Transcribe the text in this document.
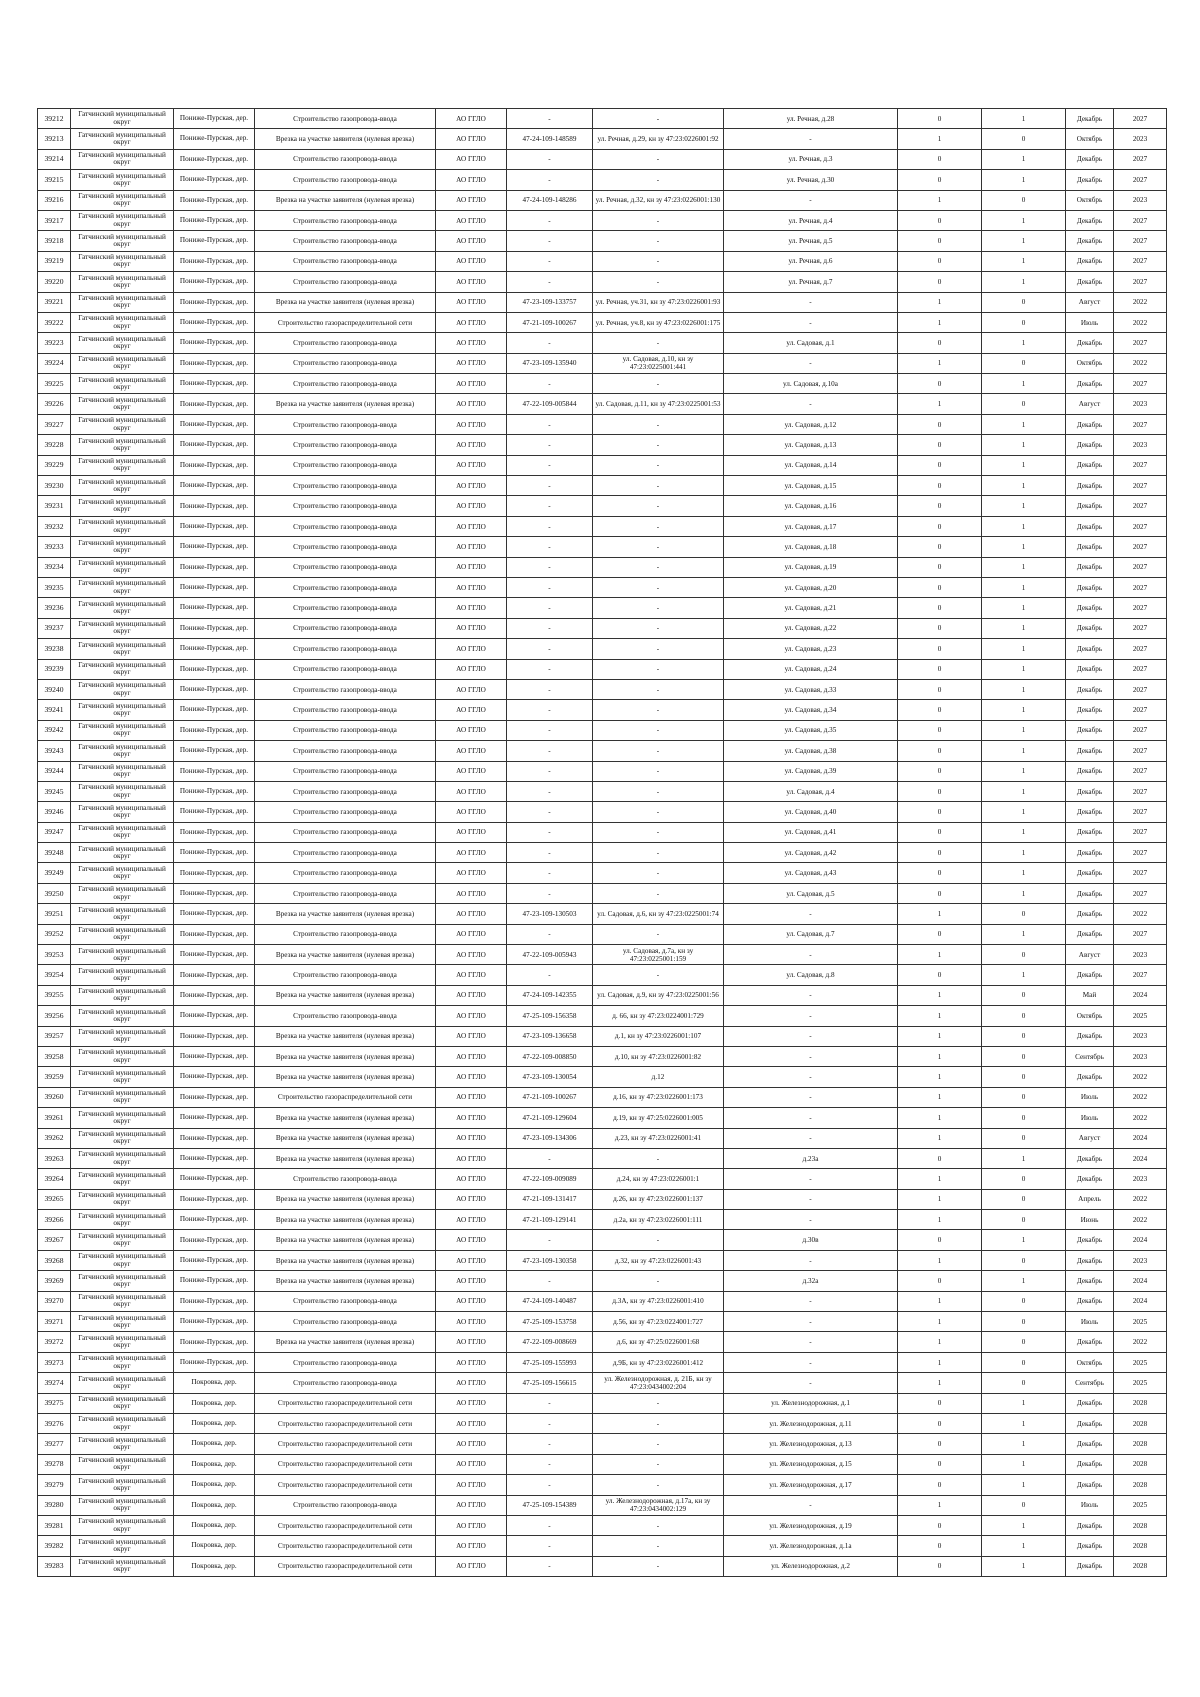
39212	Гатчинский муниципальный округ	Пониже-Пурская, дер.	Строительство газопровода-ввода	АО ГГЛО	-	-	ул. Речная, д.28	0	1	Декабрь	2027
39213	Гатчинский муниципальный округ	Пониже-Пурская, дер.	Врезка на участке заявителя (нулевая врезка)	АО ГГЛО	47-24-109-148589	ул. Речная, д.29, кн зу 47:23:0226001:92	-	1	0	Октябрь	2023
39214	Гатчинский муниципальный округ	Пониже-Пурская, дер.	Строительство газопровода-ввода	АО ГГЛО	-	-	ул. Речная, д.3	0	1	Декабрь	2027
39215	Гатчинский муниципальный округ	Пониже-Пурская, дер.	Строительство газопровода-ввода	АО ГГЛО	-	-	ул. Речная, д.30	0	1	Декабрь	2027
39216	Гатчинский муниципальный округ	Пониже-Пурская, дер.	Врезка на участке заявителя (нулевая врезка)	АО ГГЛО	47-24-109-148286	ул. Речная, д.32, кн зу 47:23:0226001:130	-	1	0	Октябрь	2023
39217	Гатчинский муниципальный округ	Пониже-Пурская, дер.	Строительство газопровода-ввода	АО ГГЛО	-	-	ул. Речная, д.4	0	1	Декабрь	2027
39218	Гатчинский муниципальный округ	Пониже-Пурская, дер.	Строительство газопровода-ввода	АО ГГЛО	-	-	ул. Речная, д.5	0	1	Декабрь	2027
39219	Гатчинский муниципальный округ	Пониже-Пурская, дер.	Строительство газопровода-ввода	АО ГГЛО	-	-	ул. Речная, д.6	0	1	Декабрь	2027
39220	Гатчинский муниципальный округ	Пониже-Пурская, дер.	Строительство газопровода-ввода	АО ГГЛО	-	-	ул. Речная, д.7	0	1	Декабрь	2027
39221	Гатчинский муниципальный округ	Пониже-Пурская, дер.	Врезка на участке заявителя (нулевая врезка)	АО ГГЛО	47-23-109-133757	ул. Речная, уч.31, кн зу 47:23:0226001:93	-	1	0	Август	2022
39222	Гатчинский муниципальный округ	Пониже-Пурская, дер.	Строительство газораспределительной сети	АО ГГЛО	47-21-109-100267	ул. Речная, уч.8, кн зу 47:23:0226001:175	-	1	0	Июль	2022
39223	Гатчинский муниципальный округ	Пониже-Пурская, дер.	Строительство газопровода-ввода	АО ГГЛО	-	-	ул. Садовая, д.1	0	1	Декабрь	2027
39224	Гатчинский муниципальный округ	Пониже-Пурская, дер.	Строительство газопровода-ввода	АО ГГЛО	47-23-109-135940	ул. Садовая, д.10, кн зу 47:23:0225001:441	-	1	0	Октябрь	2022
39225	Гатчинский муниципальный округ	Пониже-Пурская, дер.	Строительство газопровода-ввода	АО ГГЛО	-	-	ул. Садовая, д.10а	0	1	Декабрь	2027
39226	Гатчинский муниципальный округ	Пониже-Пурская, дер.	Врезка на участке заявителя (нулевая врезка)	АО ГГЛО	47-22-109-005844	ул. Садовая, д.11, кн зу 47:23:0225001:53	-	1	0	Август	2023
39227	Гатчинский муниципальный округ	Пониже-Пурская, дер.	Строительство газопровода-ввода	АО ГГЛО	-	-	ул. Садовая, д.12	0	1	Декабрь	2027
39228	Гатчинский муниципальный округ	Пониже-Пурская, дер.	Строительство газопровода-ввода	АО ГГЛО	-	-	ул. Садовая, д.13	0	1	Декабрь	2023
39229	Гатчинский муниципальный округ	Пониже-Пурская, дер.	Строительство газопровода-ввода	АО ГГЛО	-	-	ул. Садовая, д.14	0	1	Декабрь	2027
39230	Гатчинский муниципальный округ	Пониже-Пурская, дер.	Строительство газопровода-ввода	АО ГГЛО	-	-	ул. Садовая, д.15	0	1	Декабрь	2027
39231	Гатчинский муниципальный округ	Пониже-Пурская, дер.	Строительство газопровода-ввода	АО ГГЛО	-	-	ул. Садовая, д.16	0	1	Декабрь	2027
39232	Гатчинский муниципальный округ	Пониже-Пурская, дер.	Строительство газопровода-ввода	АО ГГЛО	-	-	ул. Садовая, д.17	0	1	Декабрь	2027
39233	Гатчинский муниципальный округ	Пониже-Пурская, дер.	Строительство газопровода-ввода	АО ГГЛО	-	-	ул. Садовая, д.18	0	1	Декабрь	2027
39234	Гатчинский муниципальный округ	Пониже-Пурская, дер.	Строительство газопровода-ввода	АО ГГЛО	-	-	ул. Садовая, д.19	0	1	Декабрь	2027
39235	Гатчинский муниципальный округ	Пониже-Пурская, дер.	Строительство газопровода-ввода	АО ГГЛО	-	-	ул. Садовая, д.20	0	1	Декабрь	2027
39236	Гатчинский муниципальный округ	Пониже-Пурская, дер.	Строительство газопровода-ввода	АО ГГЛО	-	-	ул. Садовая, д.21	0	1	Декабрь	2027
39237	Гатчинский муниципальный округ	Пониже-Пурская, дер.	Строительство газопровода-ввода	АО ГГЛО	-	-	ул. Садовая, д.22	0	1	Декабрь	2027
39238	Гатчинский муниципальный округ	Пониже-Пурская, дер.	Строительство газопровода-ввода	АО ГГЛО	-	-	ул. Садовая, д.23	0	1	Декабрь	2027
39239	Гатчинский муниципальный округ	Пониже-Пурская, дер.	Строительство газопровода-ввода	АО ГГЛО	-	-	ул. Садовая, д.24	0	1	Декабрь	2027
39240	Гатчинский муниципальный округ	Пониже-Пурская, дер.	Строительство газопровода-ввода	АО ГГЛО	-	-	ул. Садовая, д.33	0	1	Декабрь	2027
39241	Гатчинский муниципальный округ	Пониже-Пурская, дер.	Строительство газопровода-ввода	АО ГГЛО	-	-	ул. Садовая, д.34	0	1	Декабрь	2027
39242	Гатчинский муниципальный округ	Пониже-Пурская, дер.	Строительство газопровода-ввода	АО ГГЛО	-	-	ул. Садовая, д.35	0	1	Декабрь	2027
39243	Гатчинский муниципальный округ	Пониже-Пурская, дер.	Строительство газопровода-ввода	АО ГГЛО	-	-	ул. Садовая, д.38	0	1	Декабрь	2027
39244	Гатчинский муниципальный округ	Пониже-Пурская, дер.	Строительство газопровода-ввода	АО ГГЛО	-	-	ул. Садовая, д.39	0	1	Декабрь	2027
39245	Гатчинский муниципальный округ	Пониже-Пурская, дер.	Строительство газопровода-ввода	АО ГГЛО	-	-	ул. Садовая, д.4	0	1	Декабрь	2027
39246	Гатчинский муниципальный округ	Пониже-Пурская, дер.	Строительство газопровода-ввода	АО ГГЛО	-	-	ул. Садовая, д.40	0	1	Декабрь	2027
39247	Гатчинский муниципальный округ	Пониже-Пурская, дер.	Строительство газопровода-ввода	АО ГГЛО	-	-	ул. Садовая, д.41	0	1	Декабрь	2027
39248	Гатчинский муниципальный округ	Пониже-Пурская, дер.	Строительство газопровода-ввода	АО ГГЛО	-	-	ул. Садовая, д.42	0	1	Декабрь	2027
39249	Гатчинский муниципальный округ	Пониже-Пурская, дер.	Строительство газопровода-ввода	АО ГГЛО	-	-	ул. Садовая, д.43	0	1	Декабрь	2027
39250	Гатчинский муниципальный округ	Пониже-Пурская, дер.	Строительство газопровода-ввода	АО ГГЛО	-	-	ул. Садовая, д.5	0	1	Декабрь	2027
39251	Гатчинский муниципальный округ	Пониже-Пурская, дер.	Врезка на участке заявителя (нулевая врезка)	АО ГГЛО	47-23-109-130503	ул. Садовая, д.6, кн зу 47:23:0225001:74	-	1	0	Декабрь	2022
39252	Гатчинский муниципальный округ	Пониже-Пурская, дер.	Строительство газопровода-ввода	АО ГГЛО	-	-	ул. Садовая, д.7	0	1	Декабрь	2027
39253	Гатчинский муниципальный округ	Пониже-Пурская, дер.	Врезка на участке заявителя (нулевая врезка)	АО ГГЛО	47-22-109-005943	ул. Садовая, д.7а, кн зу 47:23:0225001:159	-	1	0	Август	2023
39254	Гатчинский муниципальный округ	Пониже-Пурская, дер.	Строительство газопровода-ввода	АО ГГЛО	-	-	ул. Садовая, д.8	0	1	Декабрь	2027
39255	Гатчинский муниципальный округ	Пониже-Пурская, дер.	Врезка на участке заявителя (нулевая врезка)	АО ГГЛО	47-24-109-142355	ул. Садовая, д.9, кн зу 47:23:0225001:56	-	1	0	Май	2024
39256	Гатчинский муниципальный округ	Пониже-Пурская, дер.	Строительство газопровода-ввода	АО ГГЛО	47-25-109-156358	д. 66, кн зу 47:23:0224001:729	-	1	0	Октябрь	2025
39257	Гатчинский муниципальный округ	Пониже-Пурская, дер.	Врезка на участке заявителя (нулевая врезка)	АО ГГЛО	47-23-109-136658	д.1, кн зу 47:23:0226001:107	-	1	0	Декабрь	2023
39258	Гатчинский муниципальный округ	Пониже-Пурская, дер.	Врезка на участке заявителя (нулевая врезка)	АО ГГЛО	47-22-109-008850	д.10, кн зу 47:23:0226001:82	-	1	0	Сентябрь	2023
39259	Гатчинский муниципальный округ	Пониже-Пурская, дер.	Врезка на участке заявителя (нулевая врезка)	АО ГГЛО	47-23-109-130054	д.12	-	1	0	Декабрь	2022
39260	Гатчинский муниципальный округ	Пониже-Пурская, дер.	Строительство газораспределительной сети	АО ГГЛО	47-21-109-100267	д.16, кн зу 47:23:0226001:173	-	1	0	Июль	2022
39261	Гатчинский муниципальный округ	Пониже-Пурская, дер.	Врезка на участке заявителя (нулевая врезка)	АО ГГЛО	47-21-109-129604	д.19, кн зу 47:25:0226001:005	-	1	0	Июль	2022
39262	Гатчинский муниципальный округ	Пониже-Пурская, дер.	Врезка на участке заявителя (нулевая врезка)	АО ГГЛО	47-23-109-134306	д.23, кн зу 47:23:0226001:41	-	1	0	Август	2024
39263	Гатчинский муниципальный округ	Пониже-Пурская, дер.	Врезка на участке заявителя (нулевая врезка)	АО ГГЛО	-	-	д.23а	0	1	Декабрь	2024
39264	Гатчинский муниципальный округ	Пониже-Пурская, дер.	Строительство газопровода-ввода	АО ГГЛО	47-22-109-009089	д.24, кн зу 47:23:0226001:1	-	1	0	Декабрь	2023
39265	Гатчинский муниципальный округ	Пониже-Пурская, дер.	Врезка на участке заявителя (нулевая врезка)	АО ГГЛО	47-21-109-131417	д.26, кн зу 47:23:0226001:137	-	1	0	Апрель	2022
39266	Гатчинский муниципальный округ	Пониже-Пурская, дер.	Врезка на участке заявителя (нулевая врезка)	АО ГГЛО	47-21-109-129141	д.2а, кн зу 47:23:0226001:111	-	1	0	Июнь	2022
39267	Гатчинский муниципальный округ	Пониже-Пурская, дер.	Врезка на участке заявителя (нулевая врезка)	АО ГГЛО	-	-	д.30в	0	1	Декабрь	2024
39268	Гатчинский муниципальный округ	Пониже-Пурская, дер.	Врезка на участке заявителя (нулевая врезка)	АО ГГЛО	47-23-109-130358	д.32, кн зу 47:23:0226001:43	-	1	0	Декабрь	2023
39269	Гатчинский муниципальный округ	Пониже-Пурская, дер.	Врезка на участке заявителя (нулевая врезка)	АО ГГЛО	-	-	д.32а	0	1	Декабрь	2024
39270	Гатчинский муниципальный округ	Пониже-Пурская, дер.	Строительство газопровода-ввода	АО ГГЛО	47-24-109-140487	д.3А, кн зу 47:23:0226001:410	-	1	0	Декабрь	2024
39271	Гатчинский муниципальный округ	Пониже-Пурская, дер.	Строительство газопровода-ввода	АО ГГЛО	47-25-109-153758	д.56, кн зу 47:23:0224001:727	-	1	0	Июль	2025
39272	Гатчинский муниципальный округ	Пониже-Пурская, дер.	Врезка на участке заявителя (нулевая врезка)	АО ГГЛО	47-22-109-008669	д.6, кн зу 47:25:0226001:68	-	1	0	Декабрь	2022
39273	Гатчинский муниципальный округ	Пониже-Пурская, дер.	Строительство газопровода-ввода	АО ГГЛО	47-25-109-155993	д.9Б, кн зу 47:23:0226001:412	-	1	0	Октябрь	2025
39274	Гатчинский муниципальный округ	Покровка, дер.	Строительство газопровода-ввода	АО ГГЛО	47-25-109-156615	ул. Железнодорожная, д. 21Б, кн зу 47:23:0434002:204	-	1	0	Сентябрь	2025
39275	Гатчинский муниципальный округ	Покровка, дер.	Строительство газораспределительной сети	АО ГГЛО	-	-	ул. Железнодорожная, д.1	0	1	Декабрь	2028
39276	Гатчинский муниципальный округ	Покровка, дер.	Строительство газораспределительной сети	АО ГГЛО	-	-	ул. Железнодорожная, д.11	0	1	Декабрь	2028
39277	Гатчинский муниципальный округ	Покровка, дер.	Строительство газораспределительной сети	АО ГГЛО	-	-	ул. Железнодорожная, д.13	0	1	Декабрь	2028
39278	Гатчинский муниципальный округ	Покровка, дер.	Строительство газораспределительной сети	АО ГГЛО	-	-	ул. Железнодорожная, д.15	0	1	Декабрь	2028
39279	Гатчинский муниципальный округ	Покровка, дер.	Строительство газораспределительной сети	АО ГГЛО	-	-	ул. Железнодорожная, д.17	0	1	Декабрь	2028
39280	Гатчинский муниципальный округ	Покровка, дер.	Строительство газопровода-ввода	АО ГГЛО	47-25-109-154389	ул. Железнодорожная, д.17а, кн зу 47:23:0434002:129	-	1	0	Июль	2025
39281	Гатчинский муниципальный округ	Покровка, дер.	Строительство газораспределительной сети	АО ГГЛО	-	-	ул. Железнодорожная, д.19	0	1	Декабрь	2028
39282	Гатчинский муниципальный округ	Покровка, дер.	Строительство газораспределительной сети	АО ГГЛО	-	-	ул. Железнодорожная, д.1а	0	1	Декабрь	2028
39283	Гатчинский муниципальный округ	Покровка, дер.	Строительство газораспределительной сети	АО ГГЛО	-	-	ул. Железнодорожная, д.2	0	1	Декабрь	2028
